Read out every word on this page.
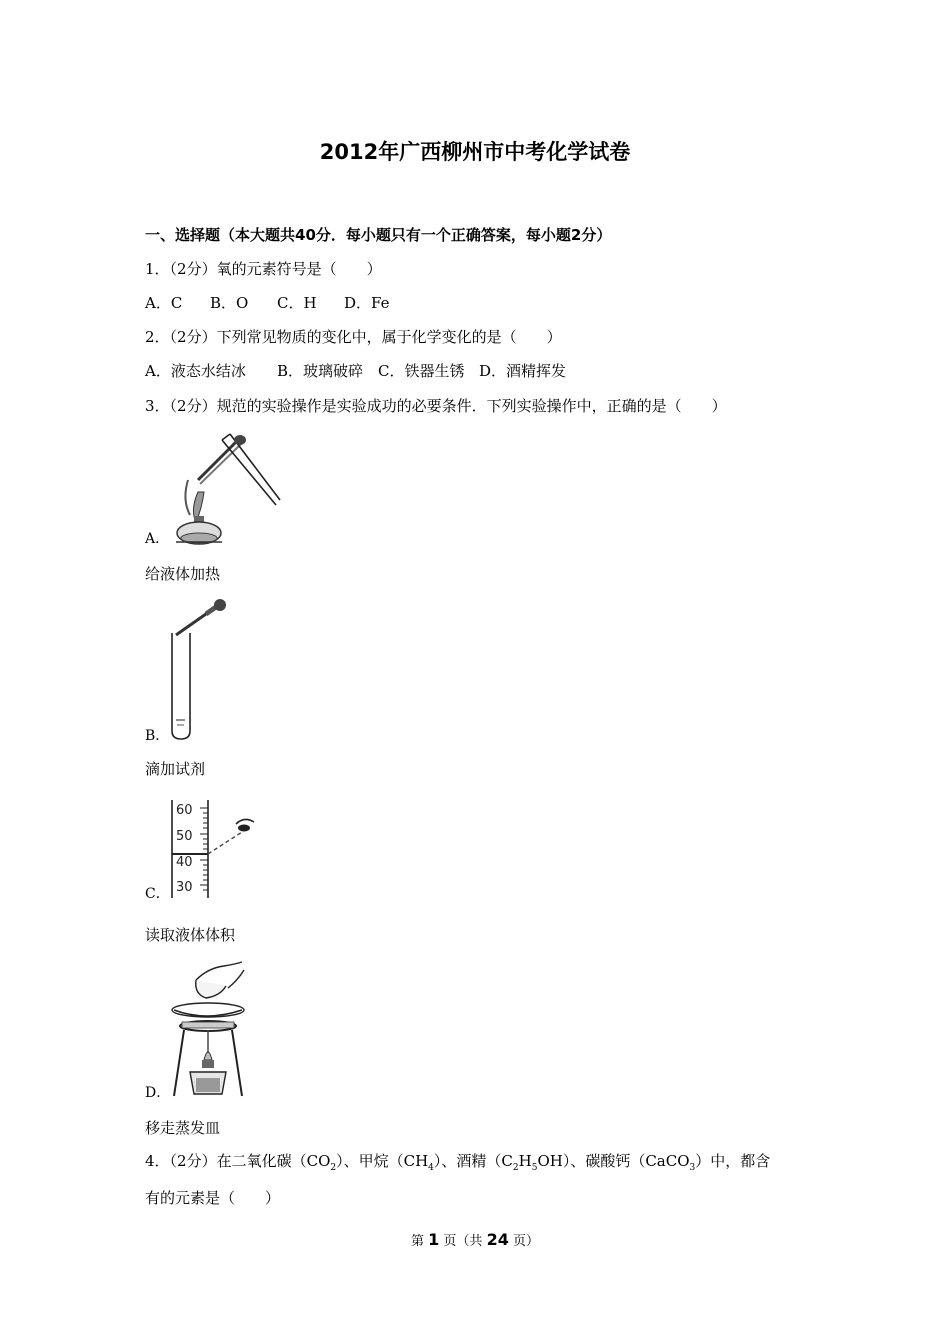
2012年广西柳州市中考化学试卷
一、选择题（本大题共40分．每小题只有一个正确答案，每小题2分）
1．（2分）氧的元素符号是（　　）
A．C B．O C．H D．Fe
2．（2分）下列常见物质的变化中，属于化学变化的是（　　）
A．液态水结冰 B．玻璃破碎 C．铁器生锈 D．酒精挥发
3．（2分）规范的实验操作是实验成功的必要条件．下列实验操作中，正确的是（　　）
A．
给液体加热
B．
滴加试剂
C．
60
50
40
30
读取液体体积
D．
移走蒸发皿
4．（2分）在二氧化碳$(CO_2)$、甲烷$(CH_4)$、酒精$(C_2H_5OH)$、碳酸钙（CaCO$_3$）中，都含
有的元素是（　　）
第 1 页（共 24 页）
